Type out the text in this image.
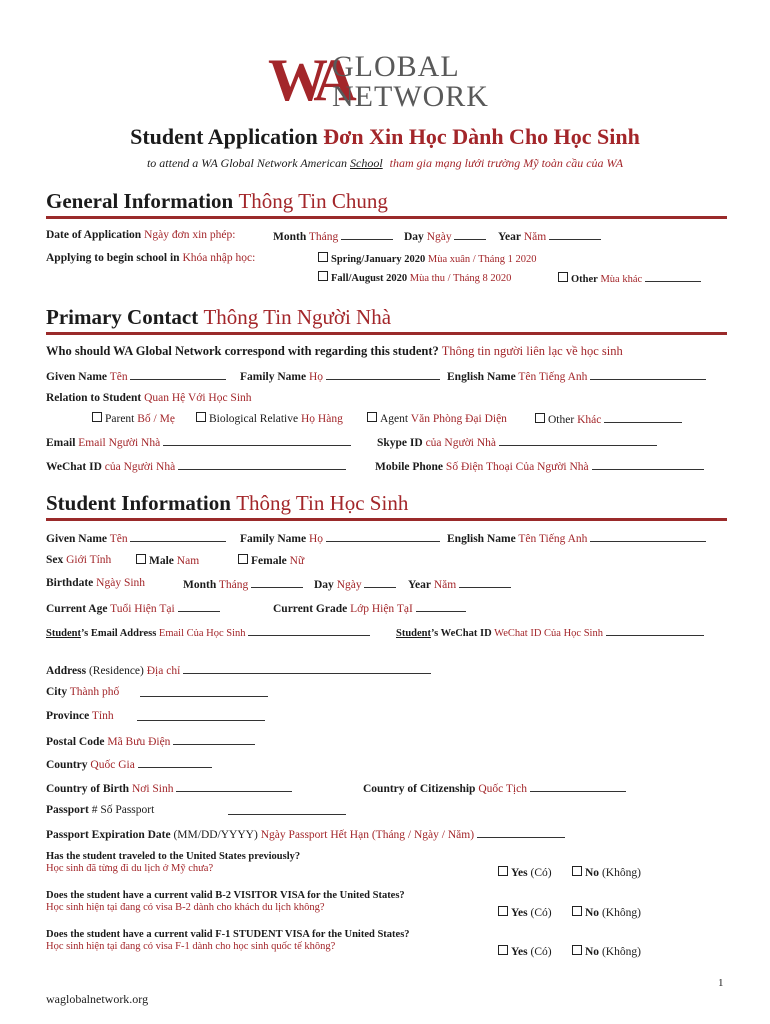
WA
GLOBAL
NETWORK
Student Application Đơn Xin Học Dành Cho Học Sinh
to attend a WA Global Network American School tham gia mạng lưới trường Mỹ toàn cầu của WA
General Information Thông Tin Chung
Date of Application Ngày đơn xin phép:	Month Tháng	Day Ngày	Year Năm
Applying to begin school in Khóa nhập học:	Spring/January 2020 Mùa xuân / Tháng 1 2020
Fall/August 2020 Mùa thu / Tháng 8 2020	Other Mùa khác
Primary Contact Thông Tin Người Nhà
Who should WA Global Network correspond with regarding this student? Thông tin người liên lạc về học sinh
Given Name Tên	Family Name Họ	English Name Tên Tiếng Anh
Relation to Student Quan Hệ Với Học Sinh
Parent Bố / Mẹ	Biological Relative Họ Hàng	Agent Văn Phòng Đại Diện	Other Khác
Email Email Người Nhà	Skype ID của Người Nhà
WeChat ID của Người Nhà	Mobile Phone Số Điện Thoại Của Người Nhà
Student Information Thông Tin Học Sinh
Given Name Tên	Family Name Họ	English Name Tên Tiếng Anh
Sex Giới Tính	Male Nam	Female Nữ
Birthdate Ngày Sinh	Month Tháng	Day Ngày	Year Năm
Current Age Tuổi Hiện Tại	Current Grade Lớp Hiện TạI
Student’s Email Address Email Của Học Sinh	Student’s WeChat ID WeChat ID Của Học Sinh
Address (Residence) Địa chỉ
City Thành phố
Province Tỉnh
Postal Code Mã Bưu Điện
Country Quốc Gia
Country of Birth Nơi Sinh	Country of Citizenship Quốc Tịch
Passport # Số Passport
Passport Expiration Date (MM/DD/YYYY) Ngày Passport Hết Hạn (Tháng / Ngày / Năm)
Has the student traveled to the United States previously?
Học sinh đã từng đi du lịch ở Mỹ chưa?	Yes (Có)	No (Không)
Does the student have a current valid B-2 VISITOR VISA for the United States?
Học sinh hiện tại đang có visa B-2 dành cho khách du lịch không?	Yes (Có)	No (Không)
Does the student have a current valid F-1 STUDENT VISA for the United States?
Học sinh hiện tại đang có visa F-1 dành cho học sinh quốc tế không?	Yes (Có)	No (Không)
1
waglobalnetwork.org
